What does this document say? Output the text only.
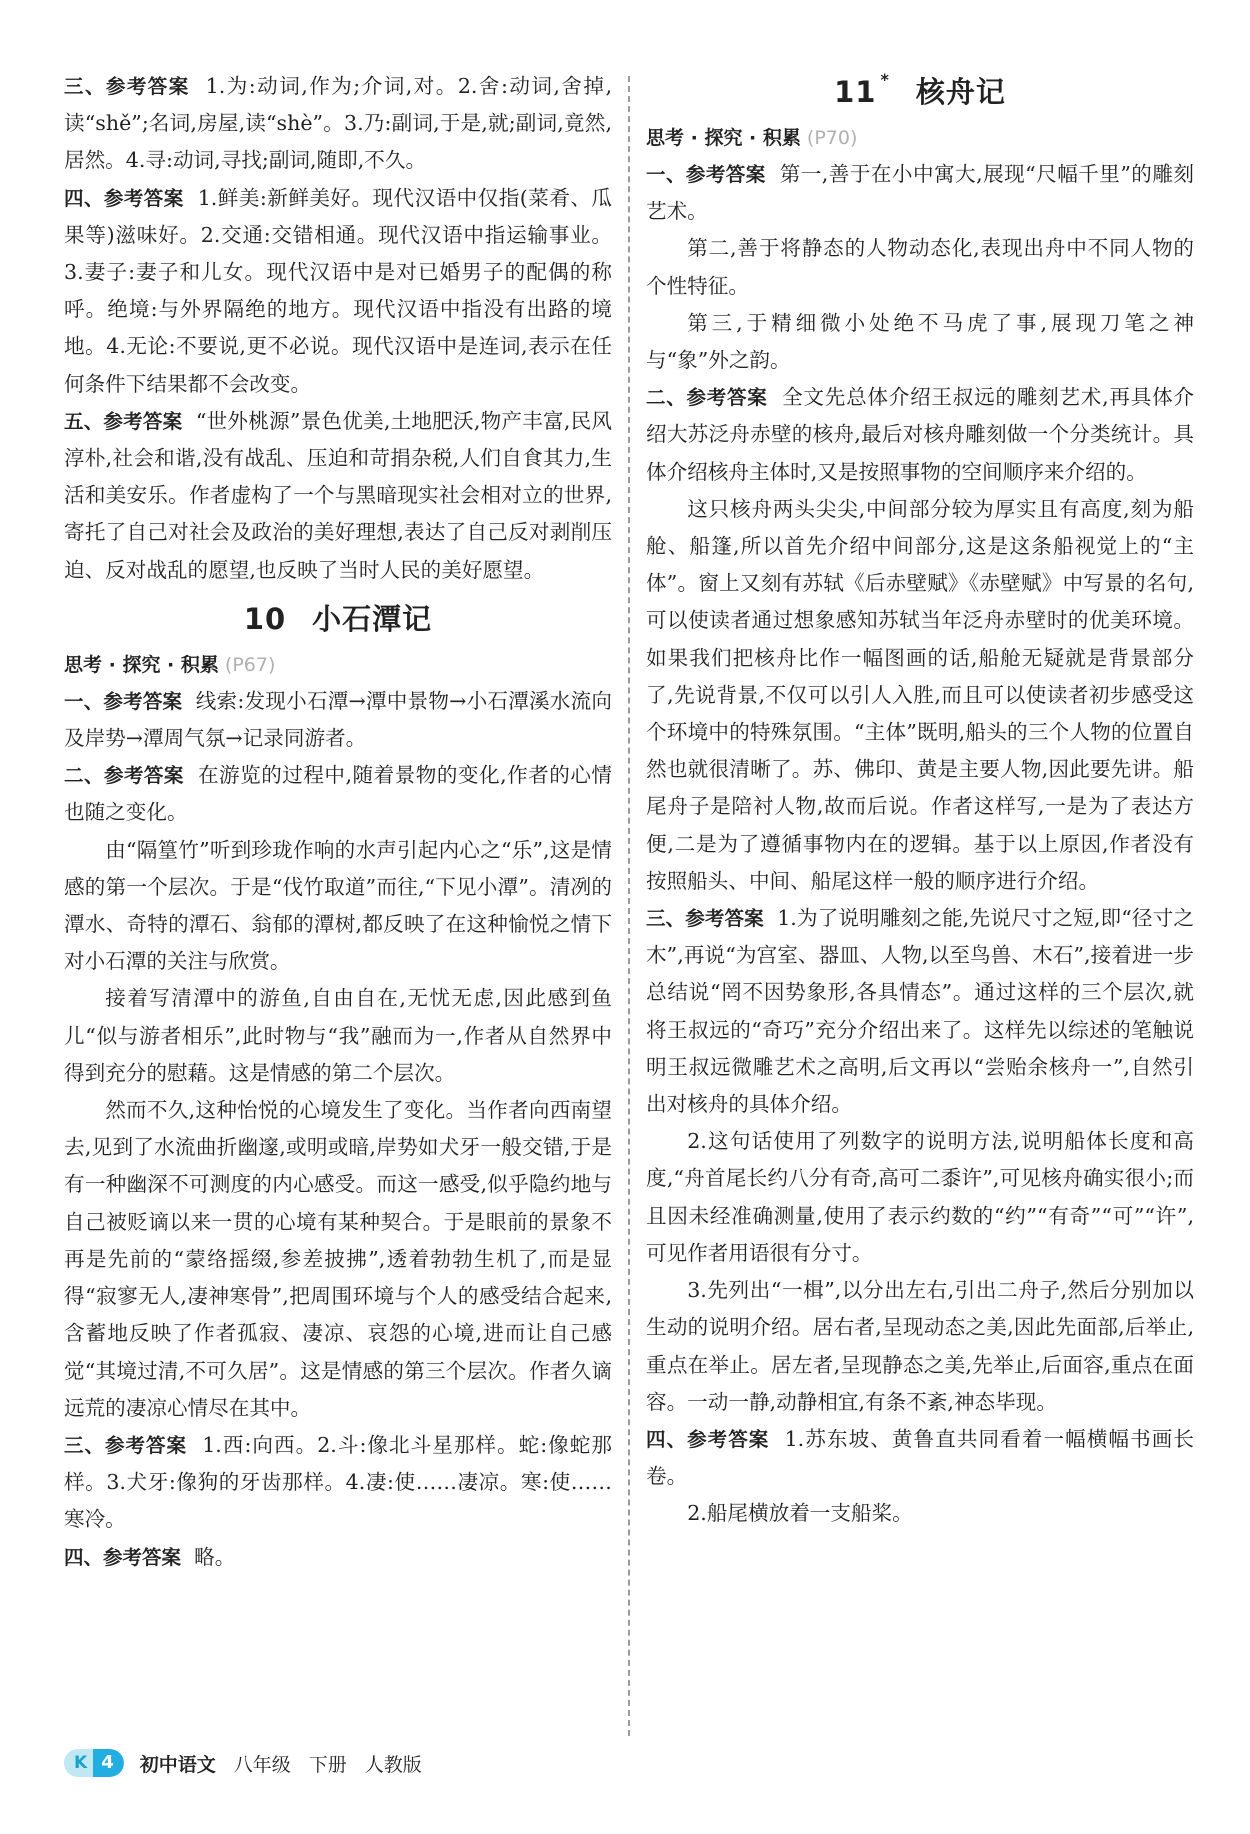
三、参考答案 1.为:动词,作为;介词,对。2.舍:动词,舍掉,读“shě”;名词,房屋,读“shè”。3.乃:副词,于是,就;副词,竟然,居然。4.寻:动词,寻找;副词,随即,不久。

四、参考答案 1.鲜美:新鲜美好。现代汉语中仅指(菜肴、瓜果等)滋味好。2.交通:交错相通。现代汉语中指运输事业。3.妻子:妻子和儿女。现代汉语中是对已婚男子的配偶的称呼。绝境:与外界隔绝的地方。现代汉语中指没有出路的境地。4.无论:不要说,更不必说。现代汉语中是连词,表示在任何条件下结果都不会改变。

五、参考答案 “世外桃源”景色优美,土地肥沃,物产丰富,民风淳朴,社会和谐,没有战乱、压迫和苛捐杂税,人们自食其力,生活和美安乐。作者虚构了一个与黑暗现实社会相对立的世界,寄托了自己对社会及政治的美好理想,表达了自己反对剥削压迫、反对战乱的愿望,也反映了当时人民的美好愿望。

10 小石潭记
思考 · 探究 · 积累 (P67)

一、参考答案 线索:发现小石潭→潭中景物→小石潭溪水流向及岸势→潭周气氛→记录同游者。

二、参考答案 在游览的过程中,随着景物的变化,作者的心情也随之变化。

由“隔篁竹”听到珍珑作响的水声引起内心之“乐”,这是情感的第一个层次。于是“伐竹取道”而往,“下见小潭”。清冽的潭水、奇特的潭石、翁郁的潭树,都反映了在这种愉悦之情下对小石潭的关注与欣赏。

接着写清潭中的游鱼,自由自在,无忧无虑,因此感到鱼儿“似与游者相乐”,此时物与“我”融而为一,作者从自然界中得到充分的慰藉。这是情感的第二个层次。

然而不久,这种怡悦的心境发生了变化。当作者向西南望去,见到了水流曲折幽邃,或明或暗,岸势如犬牙一般交错,于是有一种幽深不可测度的内心感受。而这一感受,似乎隐约地与自己被贬谪以来一贯的心境有某种契合。于是眼前的景象不再是先前的“蒙络摇缀,参差披拂”,透着勃勃生机了,而是显得“寂寥无人,凄神寒骨”,把周围环境与个人的感受结合起来,含蓄地反映了作者孤寂、凄凉、哀怨的心境,进而让自己感觉“其境过清,不可久居”。这是情感的第三个层次。作者久谪远荒的凄凉心情尽在其中。

三、参考答案 1.西:向西。2.斗:像北斗星那样。蛇:像蛇那样。3.犬牙:像狗的牙齿那样。4.凄:使……凄凉。寒:使……寒冷。

四、参考答案 略。

11 * 核舟记
思考 · 探究 · 积累 (P70)

一、参考答案 第一,善于在小中寓大,展现“尺幅千里”的雕刻艺术。

第二,善于将静态的人物动态化,表现出舟中不同人物的个性特征。

第三,于精细微小处绝不马虎了事,展现刀笔之神与“象”外之韵。

二、参考答案 全文先总体介绍王叔远的雕刻艺术,再具体介绍大苏泛舟赤壁的核舟,最后对核舟雕刻做一个分类统计。具体介绍核舟主体时,又是按照事物的空间顺序来介绍的。

这只核舟两头尖尖,中间部分较为厚实且有高度,刻为船舱、船篷,所以首先介绍中间部分,这是这条船视觉上的“主体”。窗上又刻有苏轼《后赤壁赋》《赤壁赋》中写景的名句,可以使读者通过想象感知苏轼当年泛舟赤壁时的优美环境。如果我们把核舟比作一幅图画的话,船舱无疑就是背景部分了,先说背景,不仅可以引人入胜,而且可以使读者初步感受这个环境中的特殊氛围。“主体”既明,船头的三个人物的位置自然也就很清晰了。苏、佛印、黄是主要人物,因此要先讲。船尾舟子是陪衬人物,故而后说。作者这样写,一是为了表达方便,二是为了遵循事物内在的逻辑。基于以上原因,作者没有按照船头、中间、船尾这样一般的顺序进行介绍。

三、参考答案 1.为了说明雕刻之能,先说尺寸之短,即“径寸之木”,再说“为宫室、器皿、人物,以至鸟兽、木石”,接着进一步总结说“罔不因势象形,各具情态”。通过这样的三个层次,就将王叔远的“奇巧”充分介绍出来了。这样先以综述的笔触说明王叔远微雕艺术之高明,后文再以“尝贻余核舟一”,自然引出对核舟的具体介绍。

2.这句话使用了列数字的说明方法,说明船体长度和高度,“舟首尾长约八分有奇,高可二黍许”,可见核舟确实很小;而且因未经准确测量,使用了表示约数的“约”“有奇”“可”“许”,可见作者用语很有分寸。

3.先列出“一楫”,以分出左右,引出二舟子,然后分别加以生动的说明介绍。居右者,呈现动态之美,因此先面部,后举止,重点在举止。居左者,呈现静态之美,先举止,后面容,重点在面容。一动一静,动静相宜,有条不紊,神态毕现。

四、参考答案 1.苏东坡、黄鲁直共同看着一幅横幅书画长卷。

2.船尾横放着一支船桨。

K 4	初中语文 八年级 下册 人教版
